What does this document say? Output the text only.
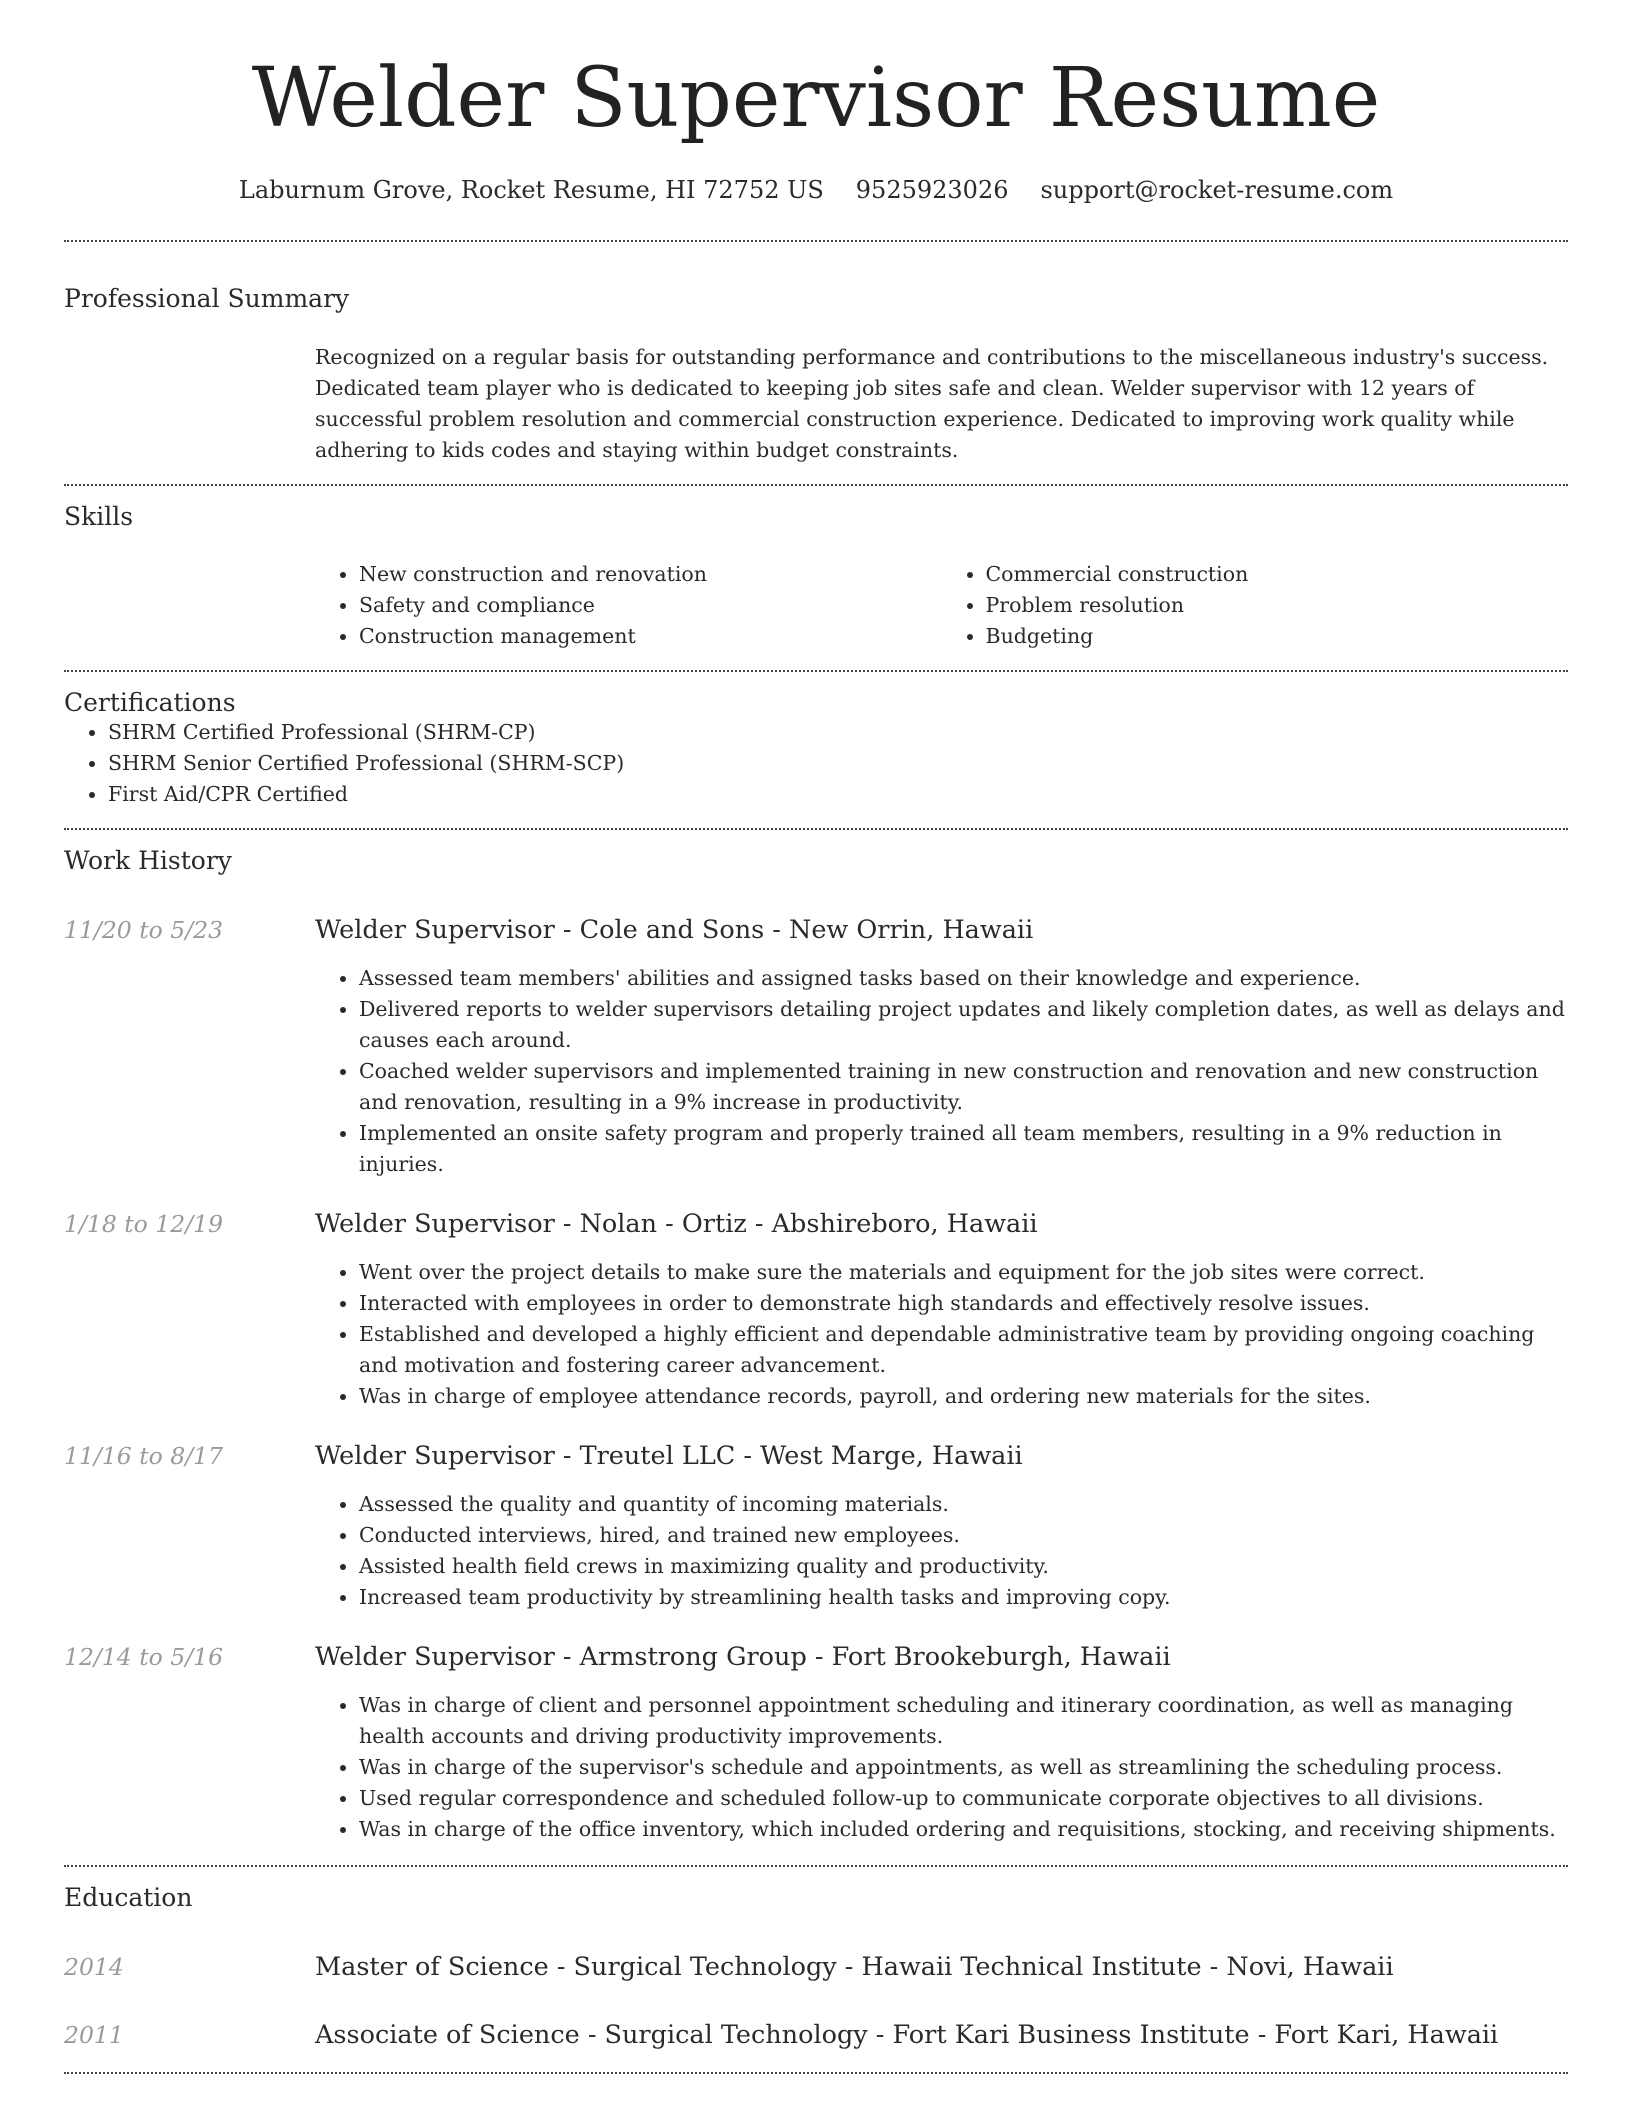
Welder Supervisor Resume
Laburnum Grove, Rocket Resume, HI 72752 US 9525923026 support@rocket-resume.com
Professional Summary

Recognized on a regular basis for outstanding performance and contributions to the miscellaneous industry's success. Dedicated team player who is dedicated to keeping job sites safe and clean. Welder supervisor with 12 years of successful problem resolution and commercial construction experience. Dedicated to improving work quality while adhering to kids codes and staying within budget constraints.

Skills
• New construction and renovation
• Safety and compliance
• Construction management
• Commercial construction
• Problem resolution
• Budgeting
Certifications
• SHRM Certified Professional (SHRM-CP)
• SHRM Senior Certified Professional (SHRM-SCP)
• First Aid/CPR Certified
Work History
11/20 to 5/23	Welder Supervisor - Cole and Sons - New Orrin, Hawaii
• Assessed team members' abilities and assigned tasks based on their knowledge and experience.
• Delivered reports to welder supervisors detailing project updates and likely completion dates, as well as delays and causes each around.
• Coached welder supervisors and implemented training in new construction and renovation and new construction and renovation, resulting in a 9% increase in productivity.
• Implemented an onsite safety program and properly trained all team members, resulting in a 9% reduction in injuries.
1/18 to 12/19	Welder Supervisor - Nolan - Ortiz - Abshireboro, Hawaii
• Went over the project details to make sure the materials and equipment for the job sites were correct.
• Interacted with employees in order to demonstrate high standards and effectively resolve issues.
• Established and developed a highly efficient and dependable administrative team by providing ongoing coaching and motivation and fostering career advancement.
• Was in charge of employee attendance records, payroll, and ordering new materials for the sites.
11/16 to 8/17	Welder Supervisor - Treutel LLC - West Marge, Hawaii
• Assessed the quality and quantity of incoming materials.
• Conducted interviews, hired, and trained new employees.
• Assisted health field crews in maximizing quality and productivity.
• Increased team productivity by streamlining health tasks and improving copy.
12/14 to 5/16	Welder Supervisor - Armstrong Group - Fort Brookeburgh, Hawaii
• Was in charge of client and personnel appointment scheduling and itinerary coordination, as well as managing health accounts and driving productivity improvements.
• Was in charge of the supervisor's schedule and appointments, as well as streamlining the scheduling process.
• Used regular correspondence and scheduled follow-up to communicate corporate objectives to all divisions.
• Was in charge of the office inventory, which included ordering and requisitions, stocking, and receiving shipments.
Education
2014	Master of Science - Surgical Technology - Hawaii Technical Institute - Novi, Hawaii
2011	Associate of Science - Surgical Technology - Fort Kari Business Institute - Fort Kari, Hawaii
